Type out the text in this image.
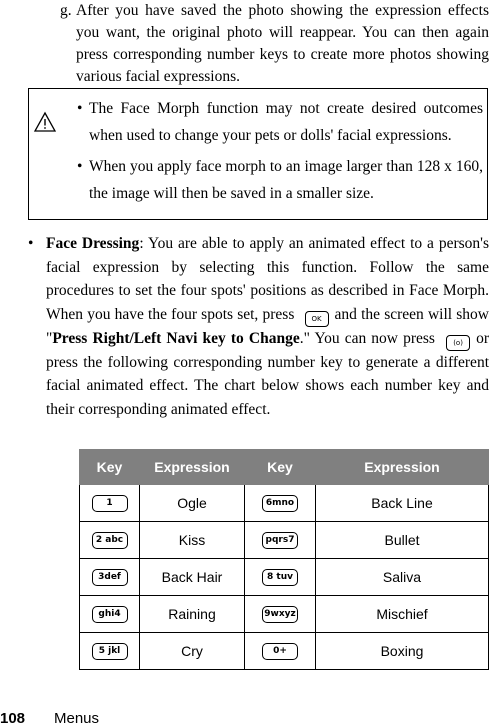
g. After you have saved the photo showing the expression effects you want, the original photo will reappear. You can then again press corresponding number keys to create more photos showing various facial expressions.
• The Face Morph function may not create desired outcomes when used to change your pets or dolls' facial expressions.
• When you apply face morph to an image larger than 128 x 160, the image will then be saved in a smaller size.
• Face Dressing: You are able to apply an animated effect to a person's facial expression by selecting this function. Follow the same procedures to set the four spots' positions as described in Face Morph. When you have the four spots set, press OK and the screen will show "Press Right/Left Navi key to Change." You can now press	(o) or press the following corresponding number key to generate a different facial animated effect. The chart below shows each number key and their corresponding animated effect.
Key	Expression	Key	Expression
1	Ogle	6mno	Back Line
2 abc	Kiss	pqrs7	Bullet
3def	Back Hair	8 tuv	Saliva
ghi4	Raining	9wxyz	Mischief
5 jkl	Cry	0+	Boxing
108 Menus
